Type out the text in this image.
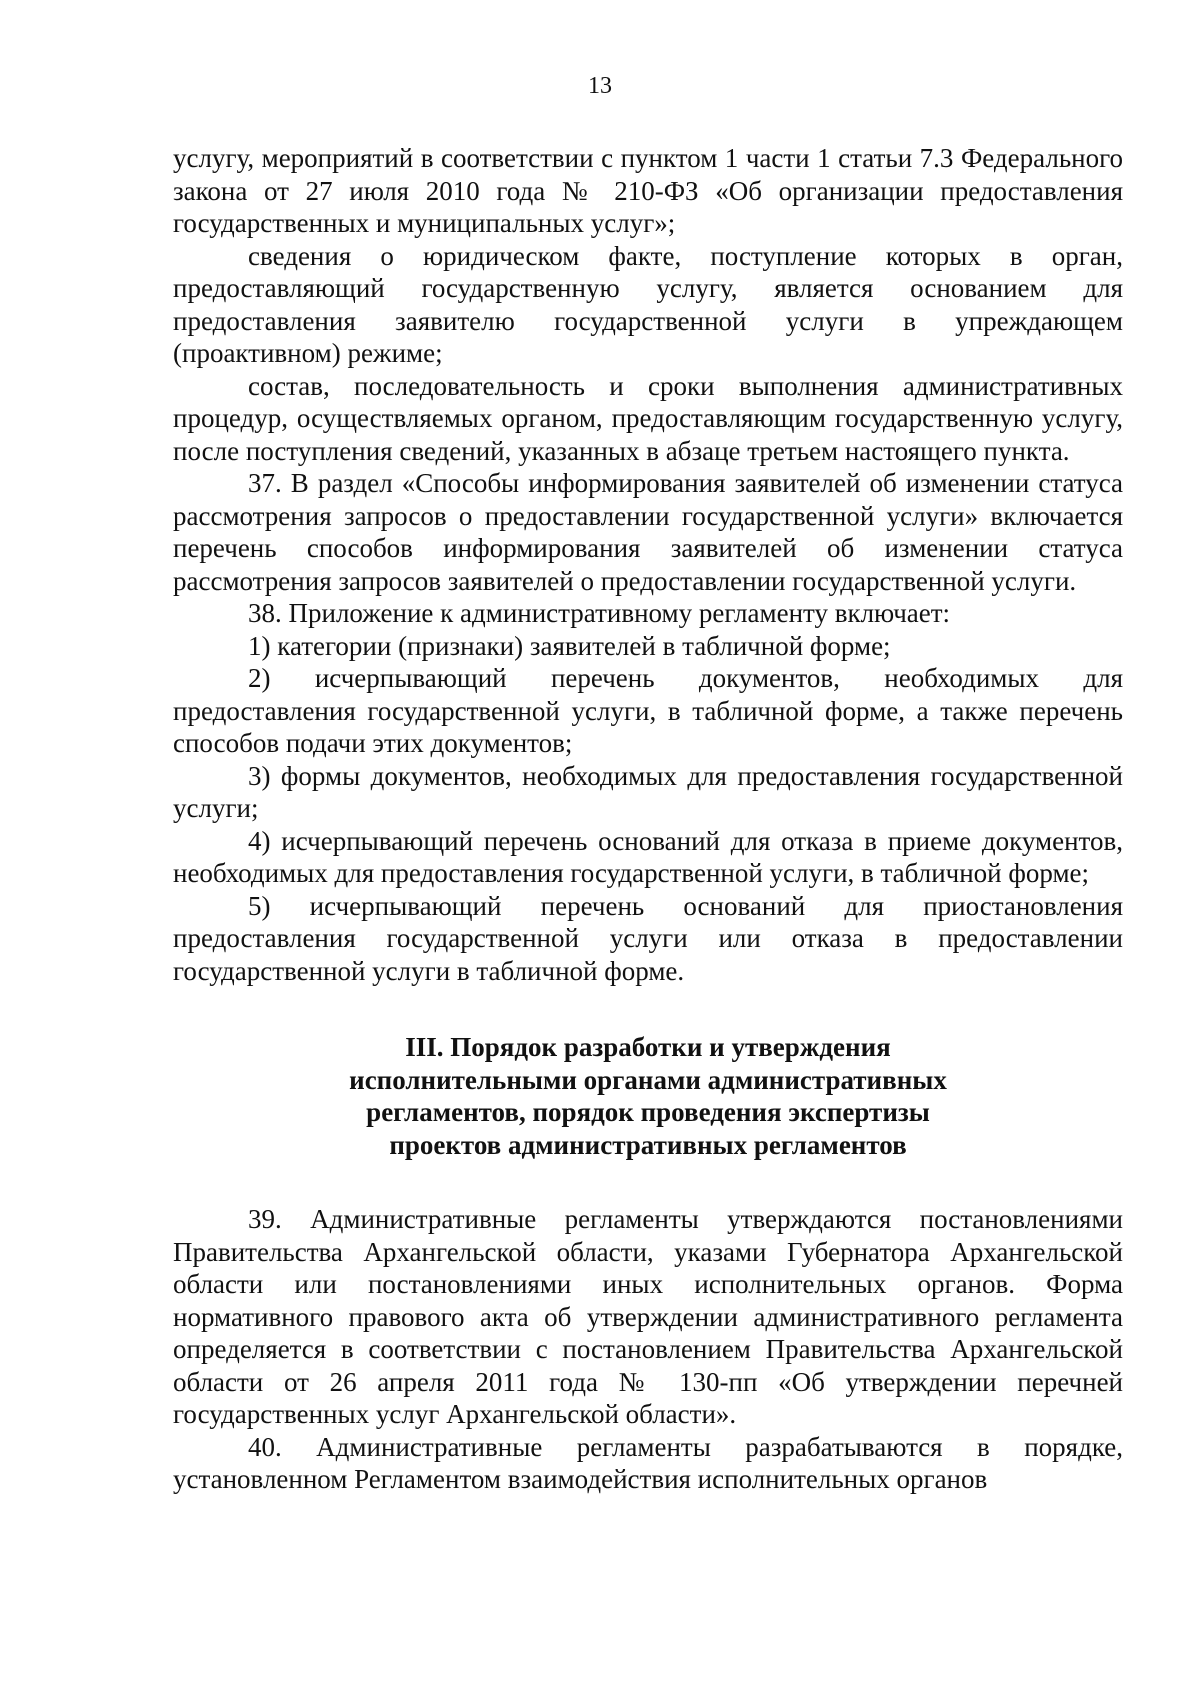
13

услугу, мероприятий в соответствии с пунктом 1 части 1 статьи 7.3 Федерального закона от 27 июля 2010 года № 210-ФЗ «Об организации предоставления государственных и муниципальных услуг»;

сведения о юридическом факте, поступление которых в орган, предоставляющий государственную услугу, является основанием для предоставления заявителю государственной услуги в упреждающем (проактивном) режиме;

состав, последовательность и сроки выполнения административных процедур, осуществляемых органом, предоставляющим государственную услугу, после поступления сведений, указанных в абзаце третьем настоящего пункта.

37. В раздел «Способы информирования заявителей об изменении статуса рассмотрения запросов о предоставлении государственной услуги» включается перечень способов информирования заявителей об изменении статуса рассмотрения запросов заявителей о предоставлении государственной услуги.

38. Приложение к административному регламенту включает:

1) категории (признаки) заявителей в табличной форме;

2) исчерпывающий перечень документов, необходимых для предоставления государственной услуги, в табличной форме, а также перечень способов подачи этих документов;

3) формы документов, необходимых для предоставления государственной услуги;

4) исчерпывающий перечень оснований для отказа в приеме документов, необходимых для предоставления государственной услуги, в табличной форме;

5) исчерпывающий перечень оснований для приостановления предоставления государственной услуги или отказа в предоставлении государственной услуги в табличной форме.

III. Порядок разработки и утверждения
исполнительными органами административных
регламентов, порядок проведения экспертизы
проектов административных регламентов

39. Административные регламенты утверждаются постановлениями Правительства Архангельской области, указами Губернатора Архангельской области или постановлениями иных исполнительных органов. Форма нормативного правового акта об утверждении административного регламента определяется в соответствии с постановлением Правительства Архангельской области от 26 апреля 2011 года № 130-пп «Об утверждении перечней государственных услуг Архангельской области».

40. Административные регламенты разрабатываются в порядке, установленном Регламентом взаимодействия исполнительных органов
